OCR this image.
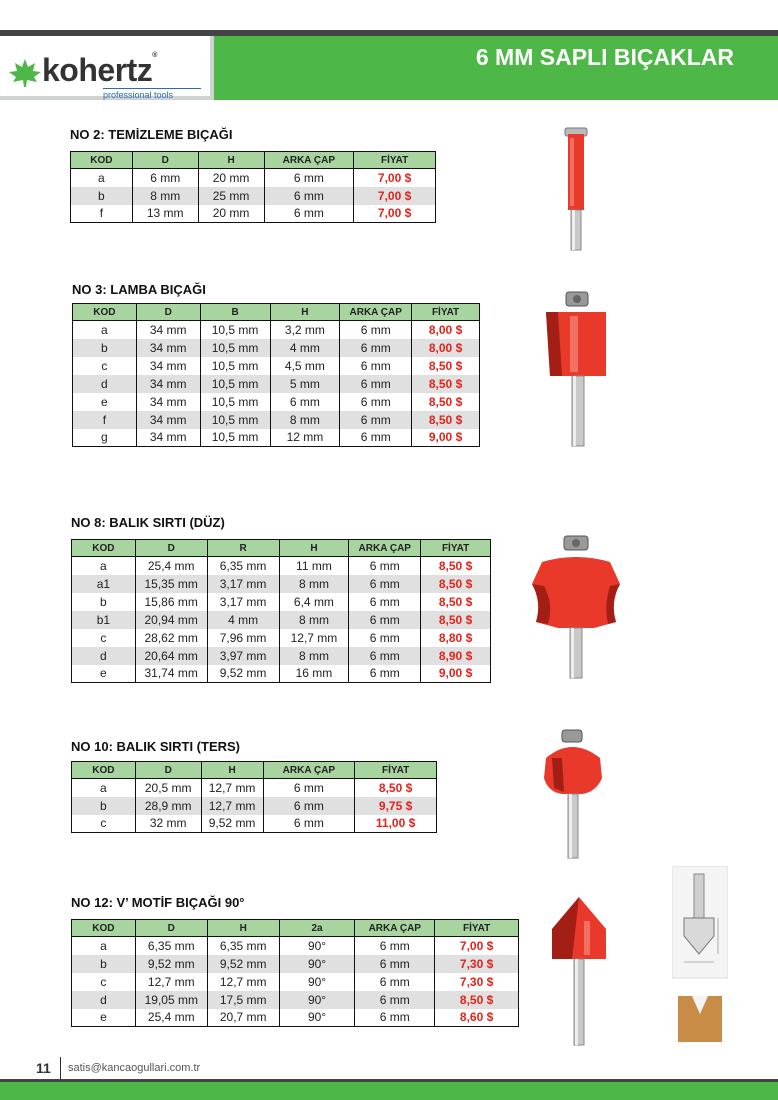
kohertz®
professional tools
6 MM SAPLI BIÇAKLAR
NO 2: TEMİZLEME BIÇAĞI
KOD	D	H	ARKA ÇAP	FİYAT
a	6 mm	20 mm	6 mm	7,00 $
b	8 mm	25 mm	6 mm	7,00 $
f	13 mm	20 mm	6 mm	7,00 $
NO 3: LAMBA BIÇAĞI
KOD	D	B	H	ARKA ÇAP	FİYAT
a	34 mm	10,5 mm	3,2 mm	6 mm	8,00 $
b	34 mm	10,5 mm	4 mm	6 mm	8,00 $
c	34 mm	10,5 mm	4,5 mm	6 mm	8,50 $
d	34 mm	10,5 mm	5 mm	6 mm	8,50 $
e	34 mm	10,5 mm	6 mm	6 mm	8,50 $
f	34 mm	10,5 mm	8 mm	6 mm	8,50 $
g	34 mm	10,5 mm	12 mm	6 mm	9,00 $
NO 8: BALIK SIRTI (DÜZ)
KOD	D	R	H	ARKA ÇAP	FİYAT
a	25,4 mm	6,35 mm	11 mm	6 mm	8,50 $
a1	15,35 mm	3,17 mm	8 mm	6 mm	8,50 $
b	15,86 mm	3,17 mm	6,4 mm	6 mm	8,50 $
b1	20,94 mm	4 mm	8 mm	6 mm	8,50 $
c	28,62 mm	7,96 mm	12,7 mm	6 mm	8,80 $
d	20,64 mm	3,97 mm	8 mm	6 mm	8,90 $
e	31,74 mm	9,52 mm	16 mm	6 mm	9,00 $
NO 10: BALIK SIRTI (TERS)
KOD	D	H	ARKA ÇAP	FİYAT
a	20,5 mm	12,7 mm	6 mm	8,50 $
b	28,9 mm	12,7 mm	6 mm	9,75 $
c	32 mm	9,52 mm	6 mm	11,00 $
NO 12: V’ MOTİF BIÇAĞI 90°
KOD	D	H	2a	ARKA ÇAP	FİYAT
a	6,35 mm	6,35 mm	90°	6 mm	7,00 $
b	9,52 mm	9,52 mm	90°	6 mm	7,30 $
c	12,7 mm	12,7 mm	90°	6 mm	7,30 $
d	19,05 mm	17,5 mm	90°	6 mm	8,50 $
e	25,4 mm	20,7 mm	90°	6 mm	8,60 $
11 satis@kancaogullari.com.tr
